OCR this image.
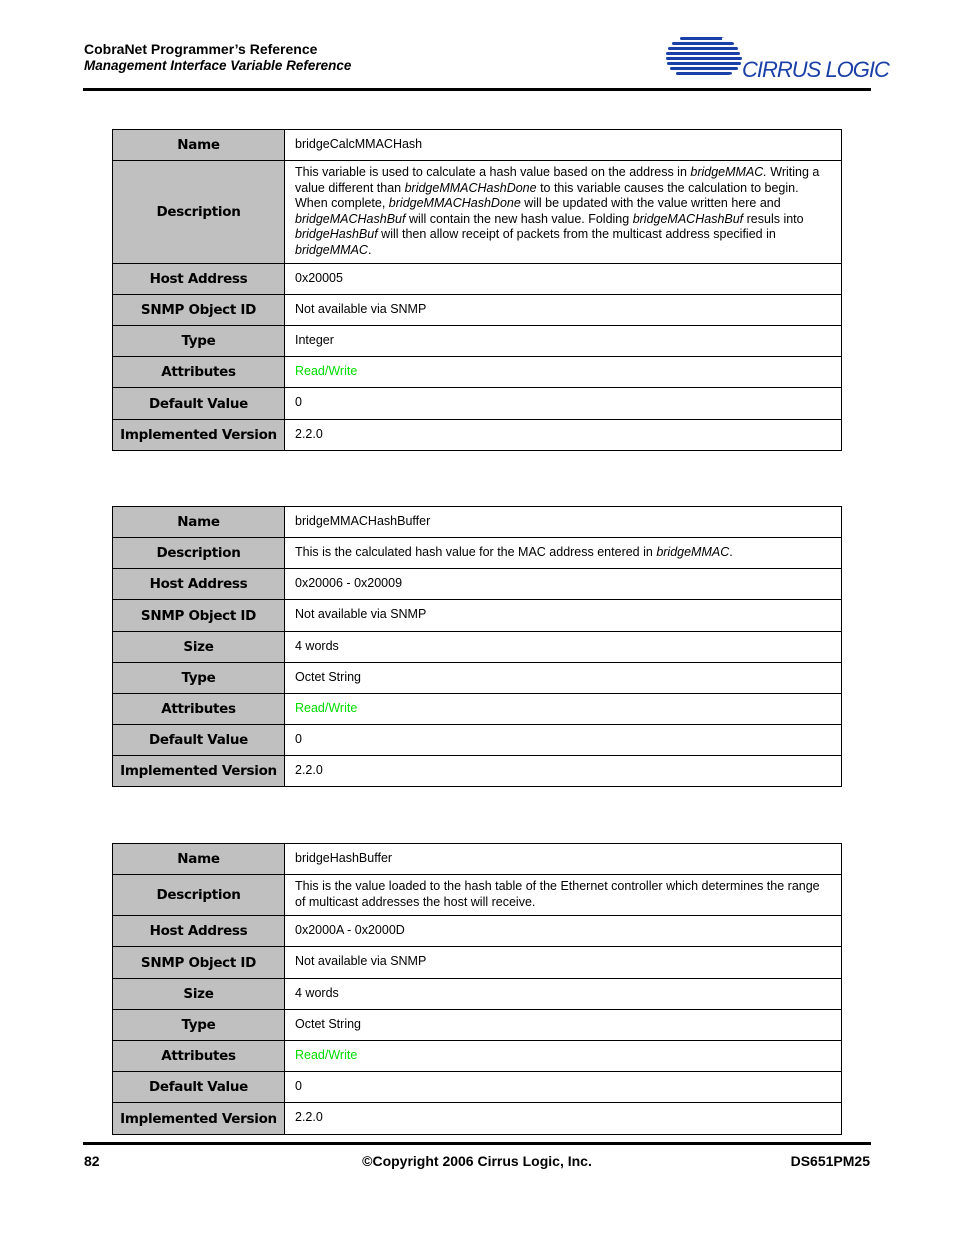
CobraNet Programmer’s Reference
Management Interface Variable Reference	CIRRUS LOGIC
Name	bridgeCalcMMACHash
Description	This variable is used to calculate a hash value based on the address in bridgeMMAC. Writing a value different than bridgeMMACHashDone to this variable causes the calculation to begin. When complete, bridgeMMACHashDone will be updated with the value written here and bridgeMACHashBuf will contain the new hash value. Folding bridgeMACHashBuf resuls into bridgeHashBuf will then allow receipt of packets from the multicast address specified in bridgeMMAC.
Host Address	0x20005
SNMP Object ID	Not available via SNMP
Type	Integer
Attributes	Read/Write
Default Value	0
Implemented Version	2.2.0
Name	bridgeMMACHashBuffer
Description	This is the calculated hash value for the MAC address entered in bridgeMMAC.
Host Address	0x20006 - 0x20009
SNMP Object ID	Not available via SNMP
Size	4 words
Type	Octet String
Attributes	Read/Write
Default Value	0
Implemented Version	2.2.0
Name	bridgeHashBuffer
Description	This is the value loaded to the hash table of the Ethernet controller which determines the range of multicast addresses the host will receive.
Host Address	0x2000A - 0x2000D
SNMP Object ID	Not available via SNMP
Size	4 words
Type	Octet String
Attributes	Read/Write
Default Value	0
Implemented Version	2.2.0
82	©Copyright 2006 Cirrus Logic, Inc.	DS651PM25
